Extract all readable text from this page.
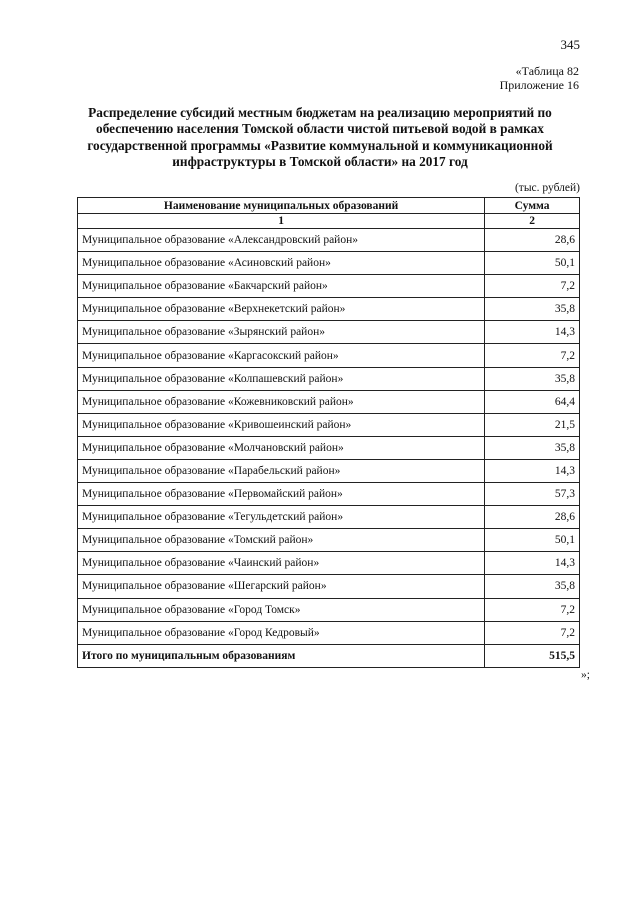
345
«Таблица 82
Приложение 16
Распределение субсидий местным бюджетам на реализацию мероприятий по обеспечению населения Томской области чистой питьевой водой в рамках государственной программы «Развитие коммунальной и коммуникационной инфраструктуры в Томской области» на 2017 год
(тыс. рублей)
Наименование муниципальных образований	Сумма
1	2
Муниципальное образование «Александровский район»	28,6
Муниципальное образование «Асиновский район»	50,1
Муниципальное образование «Бакчарский район»	7,2
Муниципальное образование «Верхнекетский район»	35,8
Муниципальное образование «Зырянский район»	14,3
Муниципальное образование «Каргасокский район»	7,2
Муниципальное образование «Колпашевский район»	35,8
Муниципальное образование «Кожевниковский район»	64,4
Муниципальное образование «Кривошеинский район»	21,5
Муниципальное образование «Молчановский район»	35,8
Муниципальное образование «Парабельский район»	14,3
Муниципальное образование «Первомайский район»	57,3
Муниципальное образование «Тегульдетский район»	28,6
Муниципальное образование «Томский район»	50,1
Муниципальное образование «Чаинский район»	14,3
Муниципальное образование «Шегарский район»	35,8
Муниципальное образование «Город Томск»	7,2
Муниципальное образование «Город Кедровый»	7,2
Итого по муниципальным образованиям	515,5
»;
